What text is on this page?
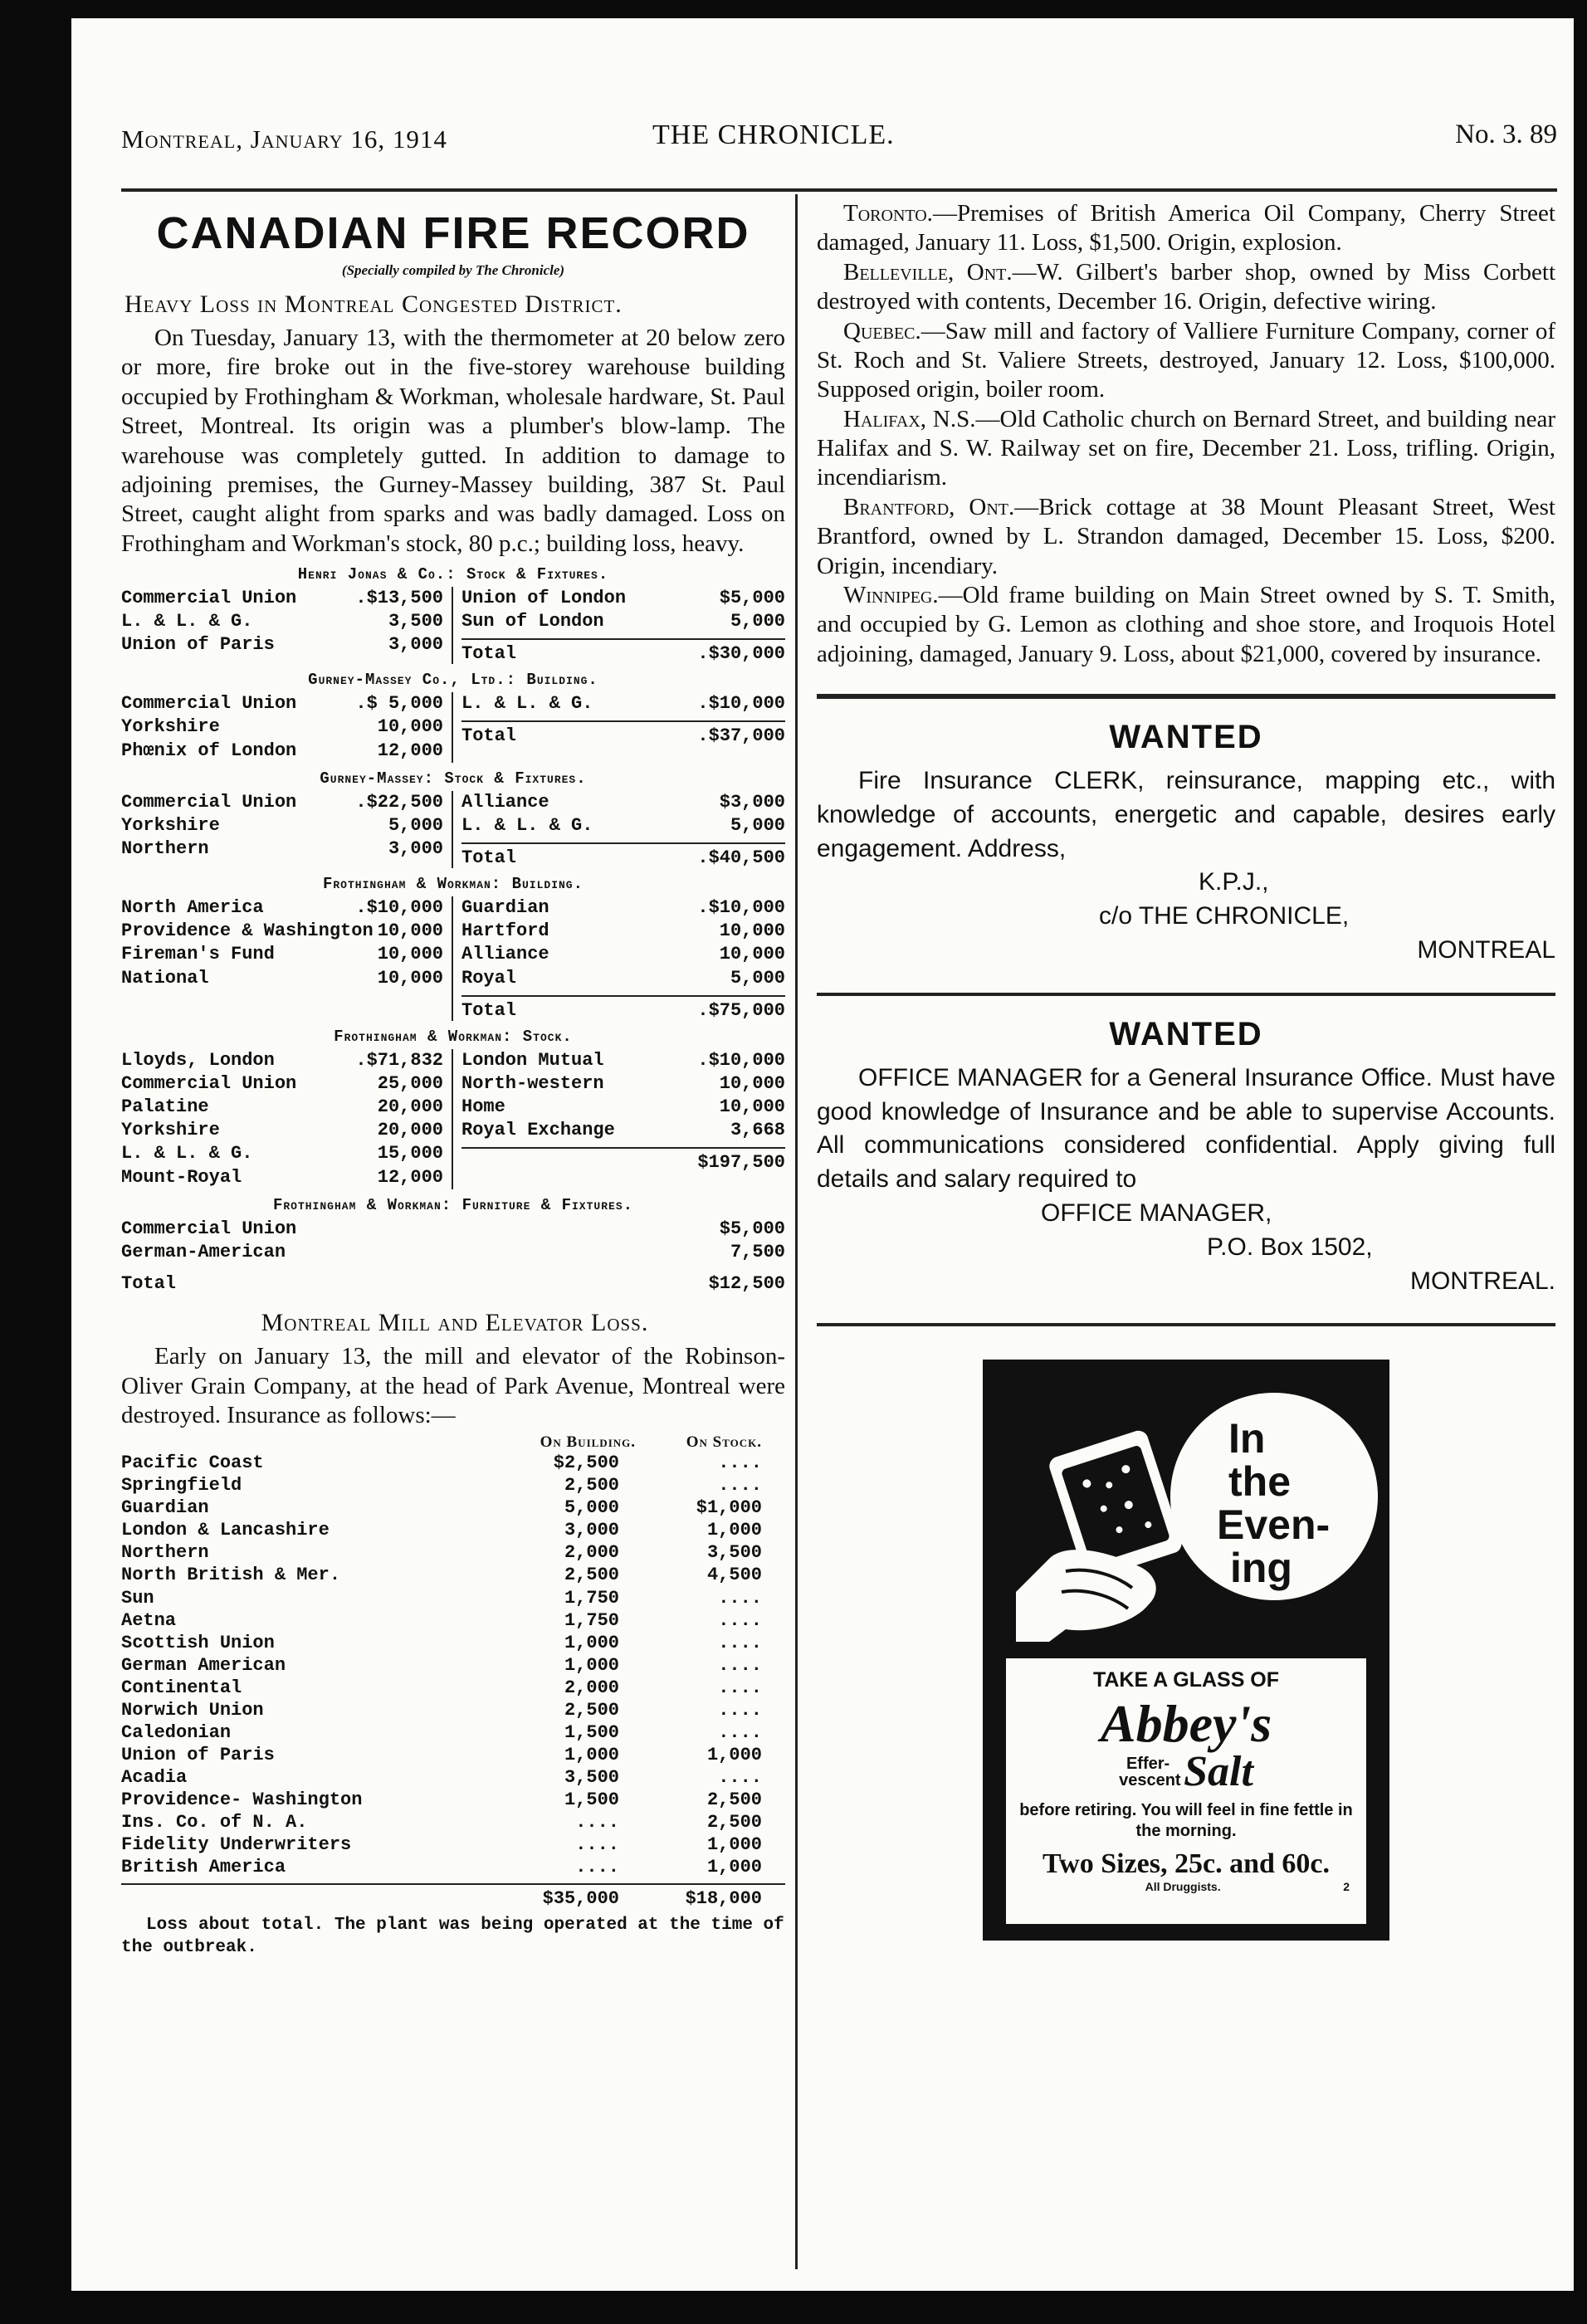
Montreal, January 16, 1914	THE CHRONICLE.	No. 3. 89
CANADIAN FIRE RECORD
(Specially compiled by The Chronicle)
Heavy Loss in Montreal Congested District.

On Tuesday, January 13, with the thermometer at 20 below zero or more, fire broke out in the five-storey warehouse building occupied by Frothingham & Workman, wholesale hardware, St. Paul Street, Montreal. Its origin was a plumber's blow-lamp. The warehouse was completely gutted. In addition to damage to adjoining premises, the Gurney-Massey building, 387 St. Paul Street, caught alight from sparks and was badly damaged. Loss on Frothingham and Workman's stock, 80 p.c.; building loss, heavy.

Henri Jonas & Co.: Stock & Fixtures.
Commercial Union	.$13,500
L. & L. & G.	3,500
Union of Paris	3,000
Union of London	$5,000
Sun of London	5,000
Total	.$30,000
Gurney-Massey Co., Ltd.: Building.
Commercial Union	.$ 5,000
Yorkshire	10,000
Phœnix of London	12,000
L. & L. & G.	.$10,000
Total	.$37,000
Gurney-Massey: Stock & Fixtures.
Commercial Union	.$22,500
Yorkshire	5,000
Northern	3,000
Alliance	$3,000
L. & L. & G.	5,000
Total	.$40,500
Frothingham & Workman: Building.
North America	.$10,000
Providence & Washington 10,000
Fireman's Fund	10,000
National	10,000
Guardian	.$10,000
Hartford	10,000
Alliance	10,000
Royal	5,000
Total	.$75,000
Frothingham & Workman: Stock.
Lloyds, London	.$71,832
Commercial Union	25,000
Palatine	20,000
Yorkshire	20,000
L. & L. & G.	15,000
Mount-Royal	12,000
London Mutual	.$10,000
North-western	10,000
Home	10,000
Royal Exchange	3,668
$197,500
Frothingham & Workman: Furniture & Fixtures.
Commercial Union	$5,000
German-American	7,500
Total	$12,500
Montreal Mill and Elevator Loss.

Early on January 13, the mill and elevator of the Robinson-Oliver Grain Company, at the head of Park Avenue, Montreal were destroyed. Insurance as follows:—

On Building.	On Stock.
Pacific Coast	$2,500	....
Springfield	2,500	....
Guardian	5,000	$1,000
London & Lancashire	3,000	1,000
Northern	2,000	3,500
North British & Mer.	2,500	4,500
Sun	1,750	....
Aetna	1,750	....
Scottish Union	1,000	....
German American	1,000	....
Continental	2,000	....
Norwich Union	2,500	....
Caledonian	1,500	....
Union of Paris	1,000	1,000
Acadia	3,500	....
Providence- Washington	1,500	2,500
Ins. Co. of N. A.	....	2,500
Fidelity Underwriters	....	1,000
British America	....	1,000
$35,000	$18,000
Loss about total. The plant was being operated at the time of the outbreak.

Toronto.—Premises of British America Oil Company, Cherry Street damaged, January 11. Loss, $1,500. Origin, explosion.

Belleville, Ont.—W. Gilbert's barber shop, owned by Miss Corbett destroyed with contents, December 16. Origin, defective wiring.

Quebec.—Saw mill and factory of Valliere Furniture Company, corner of St. Roch and St. Valiere Streets, destroyed, January 12. Loss, $100,000. Supposed origin, boiler room.

Halifax, N.S.—Old Catholic church on Bernard Street, and building near Halifax and S. W. Railway set on fire, December 21. Loss, trifling. Origin, incendiarism.

Brantford, Ont.—Brick cottage at 38 Mount Pleasant Street, West Brantford, owned by L. Strandon damaged, December 15. Loss, $200. Origin, incendiary.

Winnipeg.—Old frame building on Main Street owned by S. T. Smith, and occupied by G. Lemon as clothing and shoe store, and Iroquois Hotel adjoining, damaged, January 9. Loss, about $21,000, covered by insurance.

WANTED
Fire Insurance CLERK, reinsurance, mapping etc., with knowledge of accounts, energetic and capable, desires early engagement. Address,
K.P.J.,
c/o THE CHRONICLE,
MONTREAL
WANTED
OFFICE MANAGER for a General Insurance Office. Must have good knowledge of Insurance and be able to supervise Accounts. All communications considered confidential. Apply giving full details and salary required to
OFFICE MANAGER,
P.O. Box 1502,
MONTREAL.
In
the
Even-
ing
TAKE A GLASS OF
Abbey's
Effer- vescent Salt
before retiring. You will feel in fine fettle in the morning.
Two Sizes, 25c. and 60c.
All Druggists.	2
